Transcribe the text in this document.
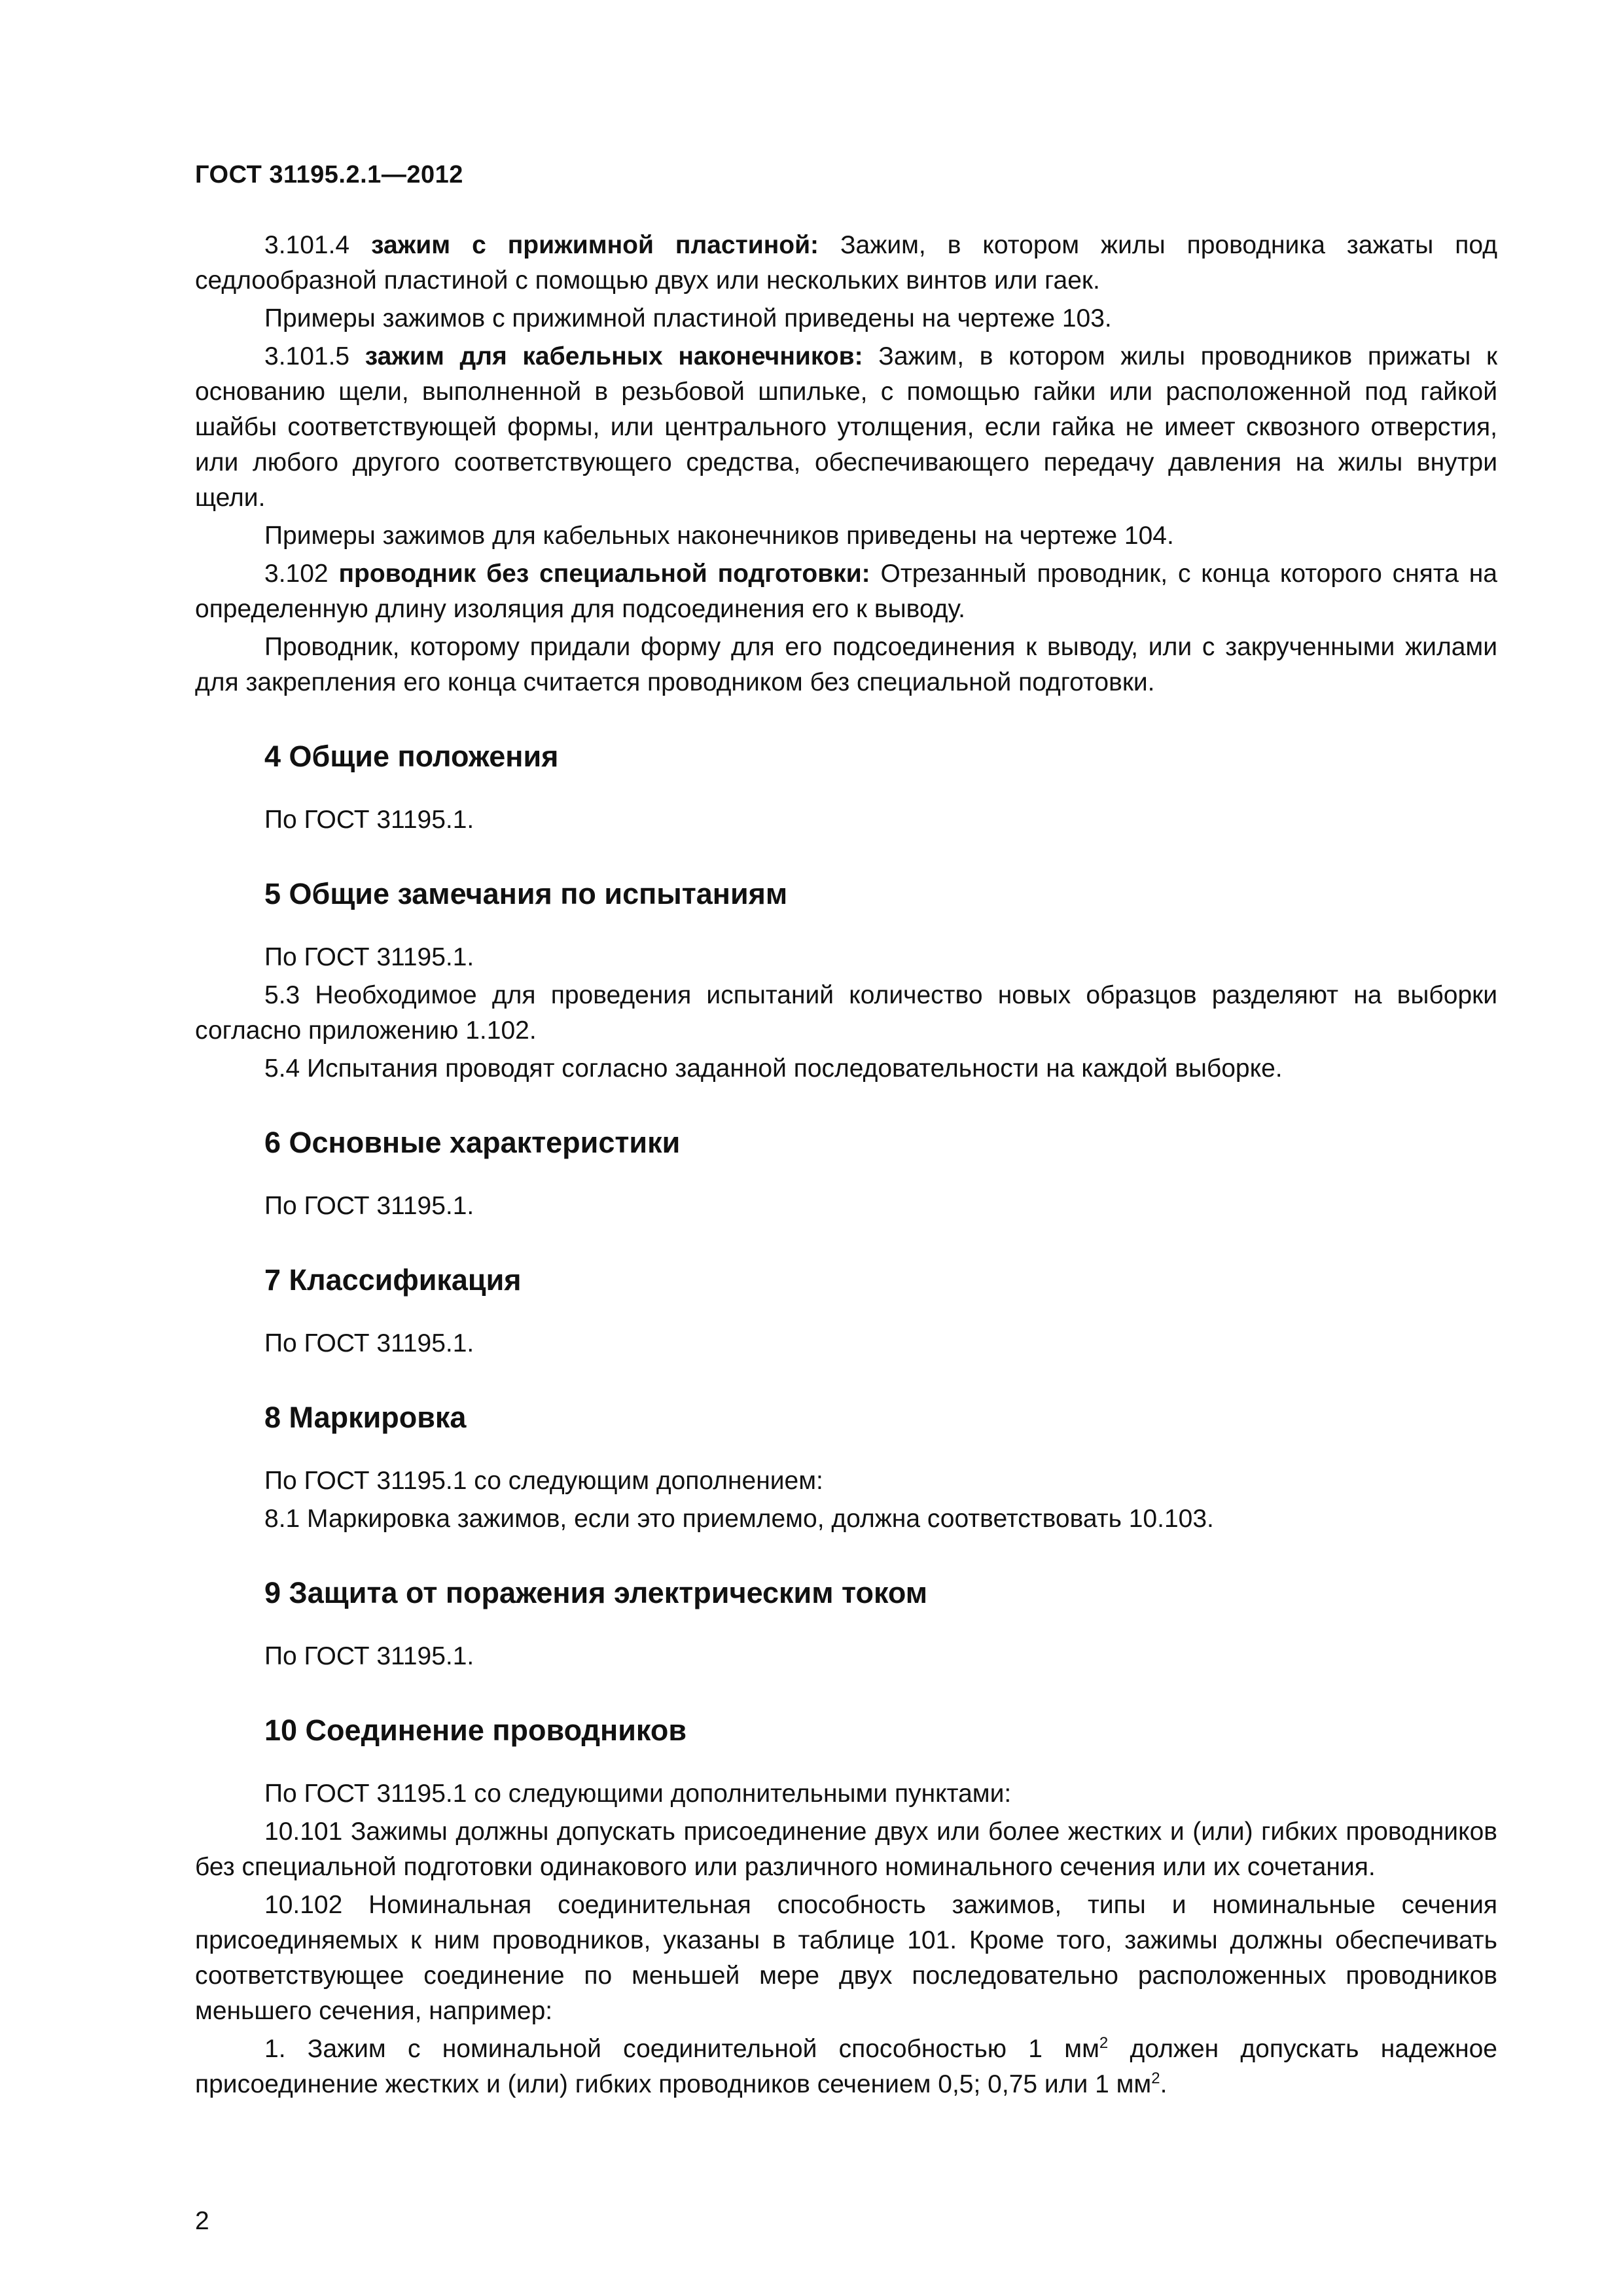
ГОСТ 31195.2.1—2012

3.101.4 зажим с прижимной пластиной: Зажим, в котором жилы проводника зажаты под седлообразной пластиной с помощью двух или нескольких винтов или гаек.

Примеры зажимов с прижимной пластиной приведены на чертеже 103.

3.101.5 зажим для кабельных наконечников: Зажим, в котором жилы проводников прижаты к основанию щели, выполненной в резьбовой шпильке, с помощью гайки или расположенной под гайкой шайбы соответствующей формы, или центрального утолщения, если гайка не имеет сквозного отверстия, или любого другого соответствующего средства, обеспечивающего передачу давления на жилы внутри щели.

Примеры зажимов для кабельных наконечников приведены на чертеже 104.

3.102 проводник без специальной подготовки: Отрезанный проводник, с конца которого снята на определенную длину изоляция для подсоединения его к выводу.

Проводник, которому придали форму для его подсоединения к выводу, или с закрученными жилами для закрепления его конца считается проводником без специальной подготовки.

4 Общие положения

По ГОСТ 31195.1.

5 Общие замечания по испытаниям

По ГОСТ 31195.1.

5.3 Необходимое для проведения испытаний количество новых образцов разделяют на выборки согласно приложению 1.102.

5.4 Испытания проводят согласно заданной последовательности на каждой выборке.

6 Основные характеристики

По ГОСТ 31195.1.

7 Классификация

По ГОСТ 31195.1.

8 Маркировка

По ГОСТ 31195.1 со следующим дополнением:

8.1 Маркировка зажимов, если это приемлемо, должна соответствовать 10.103.

9 Защита от поражения электрическим током

По ГОСТ 31195.1.

10 Соединение проводников

По ГОСТ 31195.1 со следующими дополнительными пунктами:

10.101 Зажимы должны допускать присоединение двух или более жестких и (или) гибких проводников без специальной подготовки одинакового или различного номинального сечения или их сочетания.

10.102 Номинальная соединительная способность зажимов, типы и номинальные сечения присоединяемых к ним проводников, указаны в таблице 101. Кроме того, зажимы должны обеспечивать соответствующее соединение по меньшей мере двух последовательно расположенных проводников меньшего сечения, например:

1. Зажим с номинальной соединительной способностью 1 $мм^2$ должен допускать надежное присоединение жестких и (или) гибких проводников сечением 0,5; 0,75 или 1 $мм^2$.

2
